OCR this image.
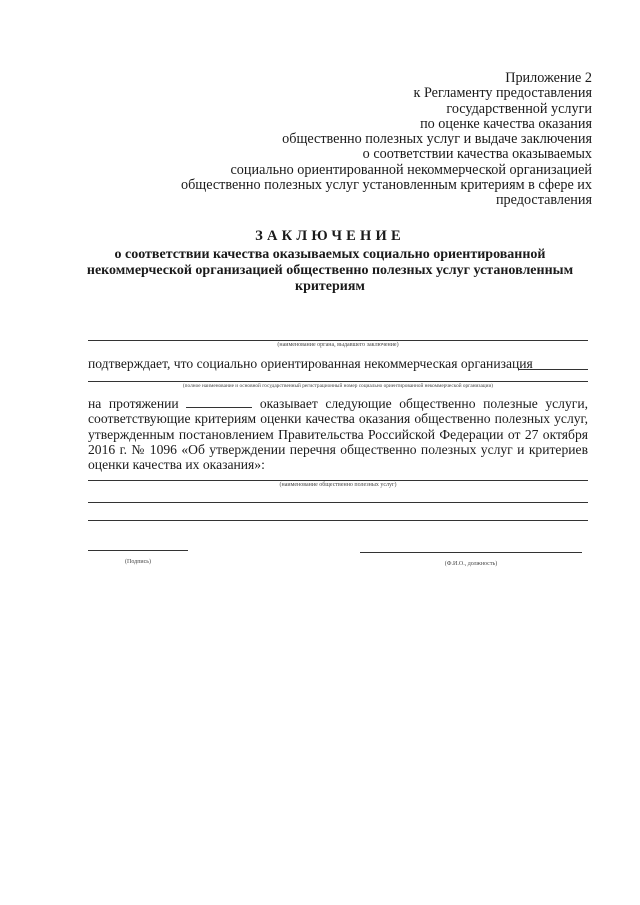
Приложение 2
к Регламенту предоставления
государственной услуги
по оценке качества оказания
общественно полезных услуг и выдаче заключения
о соответствии качества оказываемых
социально ориентированной некоммерческой организацией
общественно полезных услуг установленным критериям в сфере их
предоставления
ЗАКЛЮЧЕНИЕ
о соответствии качества оказываемых социально ориентированной
некоммерческой организацией общественно полезных услуг установленным
критериям
(наименование органа, выдавшего заключение)
подтверждает, что социально ориентированная некоммерческая организация
(полное наименование и основной государственный регистрационный номер социально ориентированной некоммерческой организации)
на протяжении	оказывает следующие общественно полезные услуги,
соответствующие критериям оценки качества оказания общественно полезных услуг,
утвержденным постановлением Правительства Российской Федерации от 27 октября
2016 г. № 1096 «Об утверждении перечня общественно полезных услуг и критериев
оценки качества их оказания»:
(наименование общественно полезных услуг)
(Подпись)	(Ф.И.О., должность)
